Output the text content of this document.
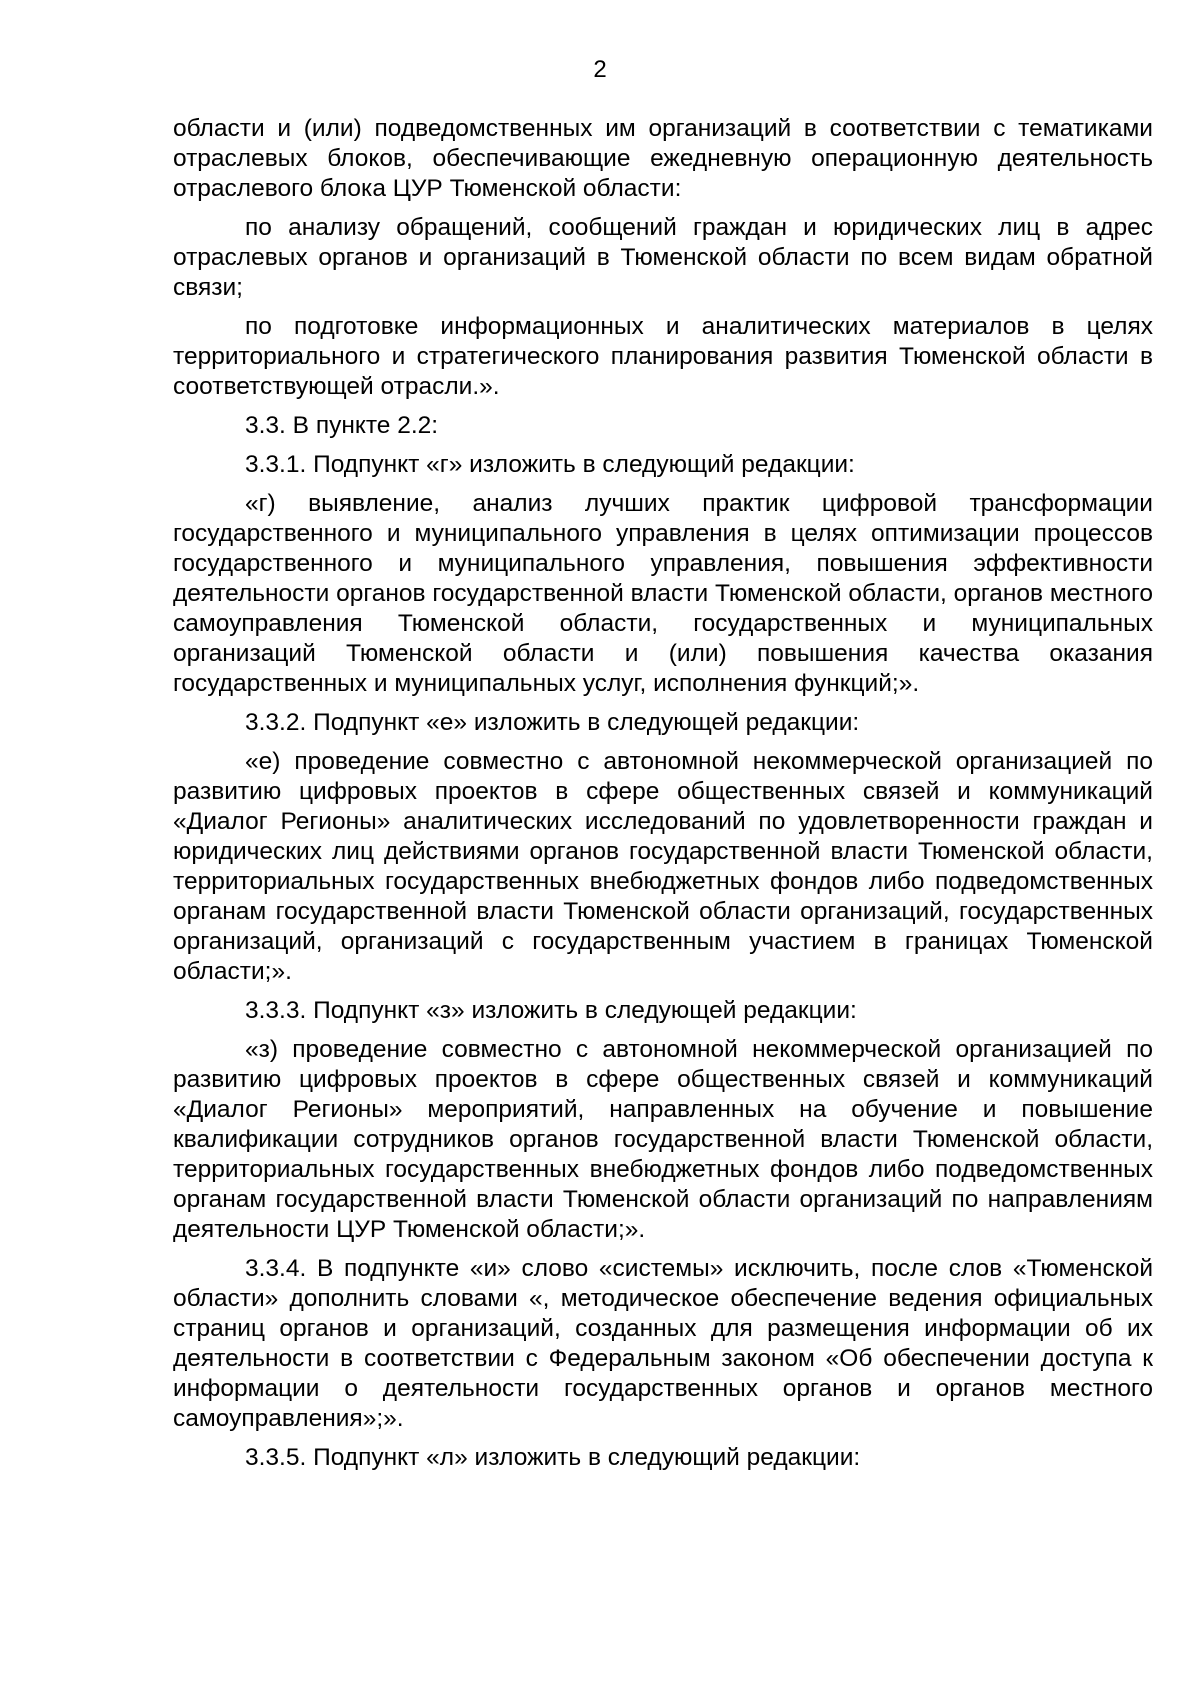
2

области и (или) подведомственных им организаций в соответствии с тематиками отраслевых блоков, обеспечивающие ежедневную операционную деятельность отраслевого блока ЦУР Тюменской области:

по анализу обращений, сообщений граждан и юридических лиц в адрес отраслевых органов и организаций в Тюменской области по всем видам обратной связи;

по подготовке информационных и аналитических материалов в целях территориального и стратегического планирования развития Тюменской области в соответствующей отрасли.».

3.3. В пункте 2.2:

3.3.1. Подпункт «г» изложить в следующий редакции:

«г) выявление, анализ лучших практик цифровой трансформации государственного и муниципального управления в целях оптимизации процессов государственного и муниципального управления, повышения эффективности деятельности органов государственной власти Тюменской области, органов местного самоуправления Тюменской области, государственных и муниципальных организаций Тюменской области и (или) повышения качества оказания государственных и муниципальных услуг, исполнения функций;».

3.3.2. Подпункт «е» изложить в следующей редакции:

«е) проведение совместно с автономной некоммерческой организацией по развитию цифровых проектов в сфере общественных связей и коммуникаций «Диалог Регионы» аналитических исследований по удовлетворенности граждан и юридических лиц действиями органов государственной власти Тюменской области, территориальных государственных внебюджетных фондов либо подведомственных органам государственной власти Тюменской области организаций, государственных организаций, организаций с государственным участием в границах Тюменской области;».

3.3.3. Подпункт «з» изложить в следующей редакции:

«з) проведение совместно с автономной некоммерческой организацией по развитию цифровых проектов в сфере общественных связей и коммуникаций «Диалог Регионы» мероприятий, направленных на обучение и повышение квалификации сотрудников органов государственной власти Тюменской области, территориальных государственных внебюджетных фондов либо подведомственных органам государственной власти Тюменской области организаций по направлениям деятельности ЦУР Тюменской области;».

3.3.4. В подпункте «и» слово «системы» исключить, после слов «Тюменской области» дополнить словами «, методическое обеспечение ведения официальных страниц органов и организаций, созданных для размещения информации об их деятельности в соответствии с Федеральным законом «Об обеспечении доступа к информации о деятельности государственных органов и органов местного самоуправления»;».

3.3.5. Подпункт «л» изложить в следующий редакции:
